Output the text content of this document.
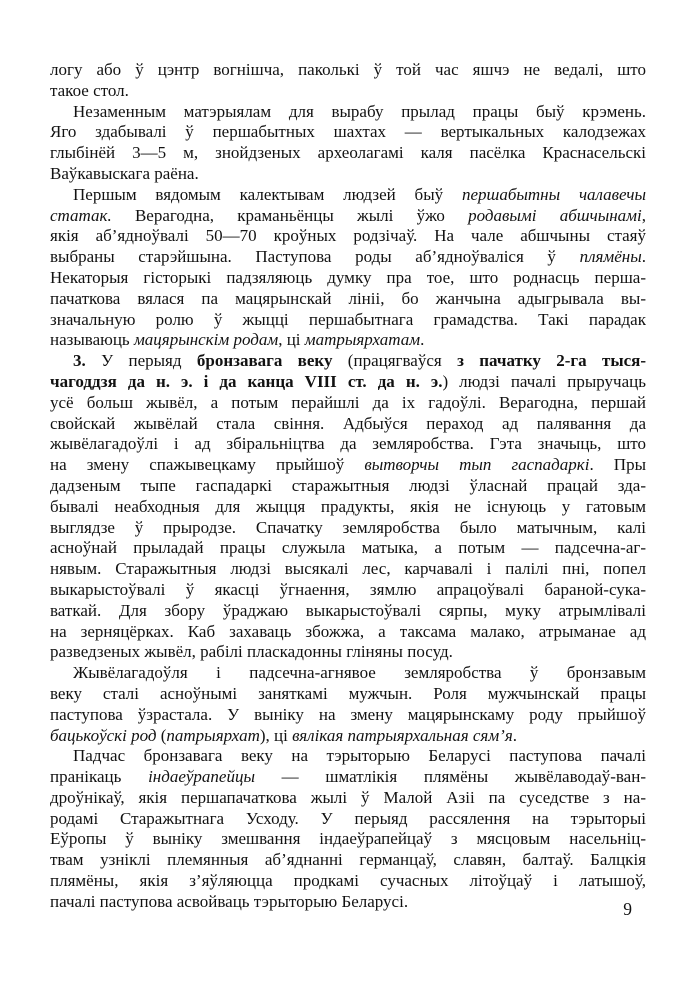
логу або ў цэнтр вогнішча, паколькі ў той час яшчэ не ведалі, што
такое стол.
Незаменным матэрыялам для вырабу прылад працы быў крэмень.
Яго здабывалі ў першабытных шахтах — вертыкальных калодзежах
глыбінёй 3—5 м, знойдзеных археолагамі каля пасёлка Краснасельскі
Ваўкавыскага раёна.
Першым вядомым калектывам людзей быў першабытны чалавечы
статак. Верагодна, краманьёнцы жылі ўжо родавымі абшчынамі,
якія аб’ядноўвалі 50—70 кроўных родзічаў. На чале абшчыны стаяў
выбраны старэйшына. Паступова роды аб’ядноўваліся ў плямёны.
Некаторыя гісторыкі падзяляюць думку пра тое, што роднасць перша-
пачаткова вялася па мацярынскай лініі, бо жанчына адыгрывала вы-
значальную ролю ў жыцці першабытнага грамадства. Такі парадак
называюць мацярынскім родам, ці матрыярхатам.
3. У перыяд бронзавага веку (працягваўся з пачатку 2-га тыся-
чагоддзя да н. э. і да канца VIII ст. да н. э.) людзі пачалі прыручаць
усё больш жывёл, а потым перайшлі да іх гадоўлі. Верагодна, першай
свойскай жывёлай стала свіння. Адбыўся пераход ад палявання да
жывёлагадоўлі і ад збіральніцтва да земляробства. Гэта значыць, што
на змену спажывецкаму прыйшоў вытворчы тып гаспадаркі. Пры
дадзеным тыпе гаспадаркі старажытныя людзі ўласнай працай зда-
бывалі неабходныя для жыцця прадукты, якія не існуюць у гатовым
выглядзе ў прыродзе. Спачатку земляробства было матычным, калі
асноўнай прыладай працы служыла матыка, а потым — падсечна-аг-
нявым. Старажытныя людзі высякалі лес, карчавалі і палілі пні, попел
выкарыстоўвалі ў якасці ўгнаення, зямлю апрацоўвалі бараной-сука-
ваткай. Для збору ўраджаю выкарыстоўвалі сярпы, муку атрымлівалі
на зерняцёрках. Каб захаваць збожжа, а таксама малако, атрыманае ад
разведзеных жывёл, рабілі пласкадонны гліняны посуд.
Жывёлагадоўля і падсечна-агнявое земляробства ў бронзавым
веку сталі асноўнымі заняткамі мужчын. Роля мужчынскай працы
паступова ўзрастала. У выніку на змену мацярынскаму роду прыйшоў
бацькоўскі род (патрыярхат), ці вялікая патрыярхальная сям’я.
Падчас бронзавага веку на тэрыторыю Беларусі паступова пачалі
пранікаць індаеўрапейцы — шматлікія плямёны жывёлаводаў-ван-
дроўнікаў, якія першапачаткова жылі ў Малой Азіі па суседстве з на-
родамі Старажытнага Усходу. У перыяд рассялення на тэрыторыі
Еўропы ў выніку змешвання індаеўрапейцаў з мясцовым насельніц-
твам узніклі племянныя аб’яднанні германцаў, славян, балтаў. Балцкія
плямёны, якія з’яўляюцца продкамі сучасных літоўцаў і латышоў,
пачалі паступова асвойваць тэрыторыю Беларусі.	9
